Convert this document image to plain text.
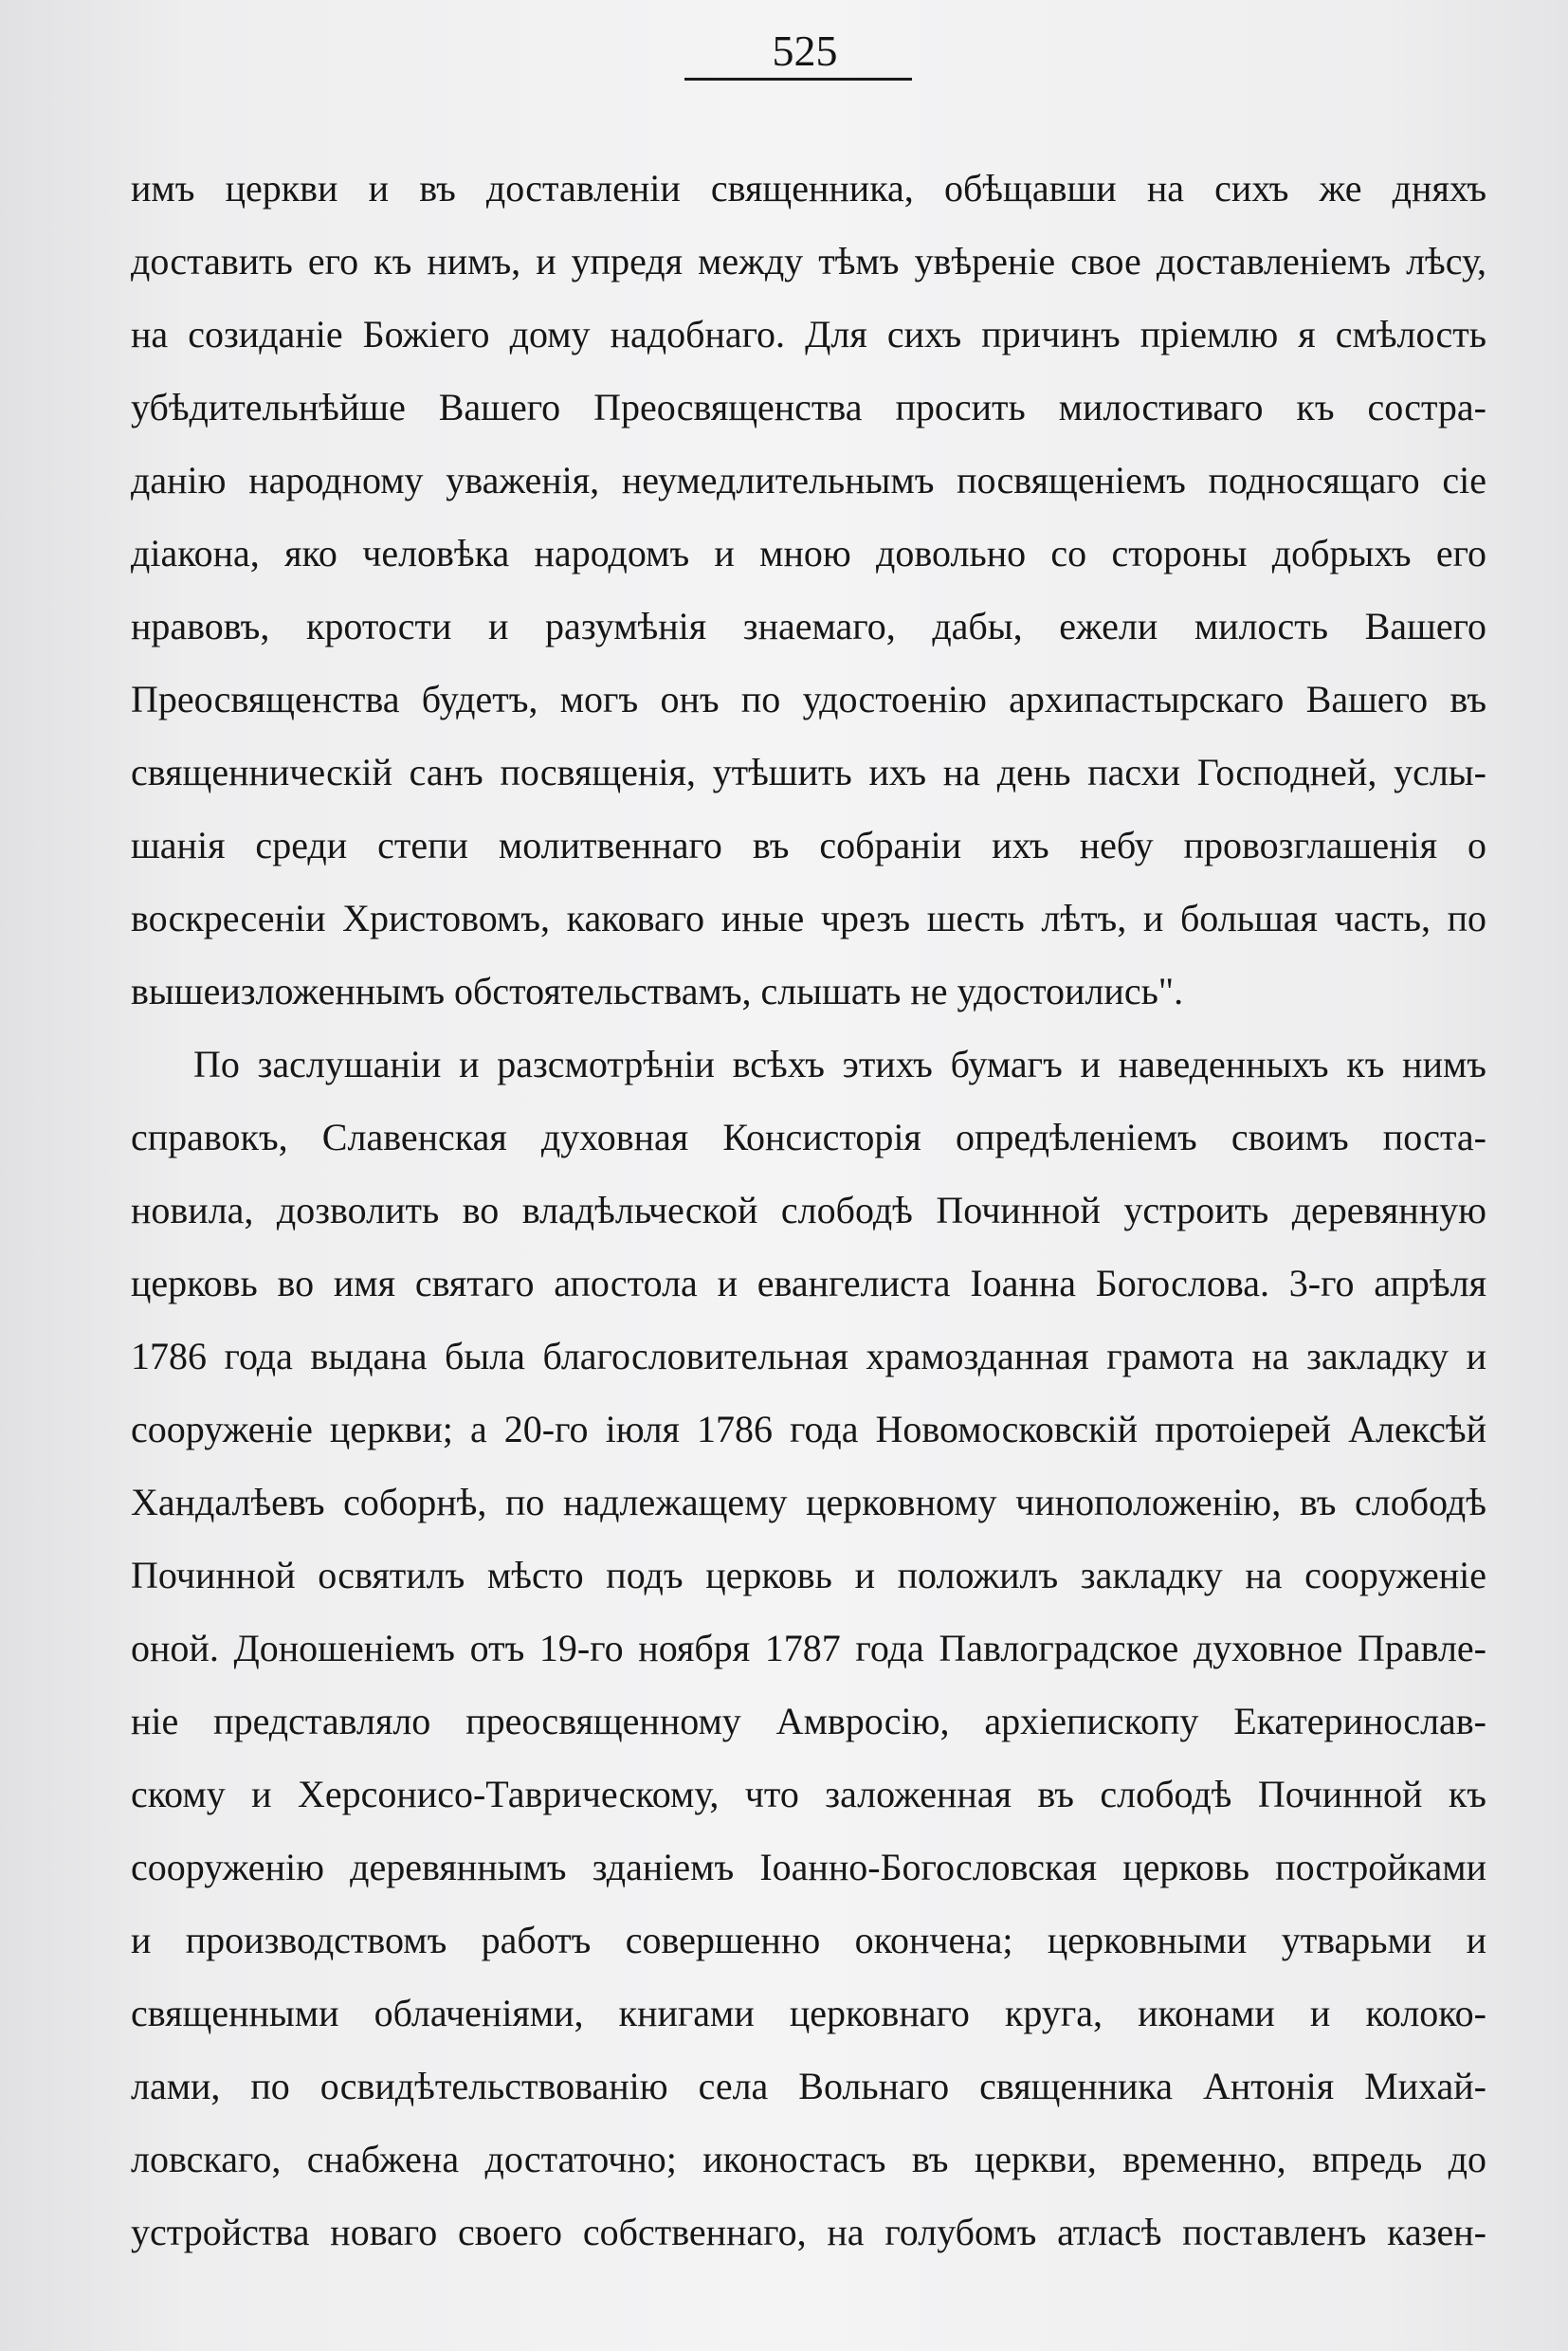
525
имъ церкви и въ доставленіи священника, обѣщавши на сихъ же дняхъ
доставить его къ нимъ, и упредя между тѣмъ увѣреніе свое доставленіемъ лѣсу,
на созиданіе Божіего дому надобнаго. Для сихъ причинъ пріемлю я смѣлость
убѣдительнѣйше Вашего Преосвященства просить милостиваго къ состра-
данію народному уваженія, неумедлительнымъ посвященіемъ подносящаго сіе
діакона, яко человѣка народомъ и мною довольно со стороны добрыхъ его
нравовъ, кротости и разумѣнія знаемаго, дабы, ежели милость Вашего
Преосвященства будетъ, могъ онъ по удостоенію архипастырскаго Вашего въ
священническій санъ посвященія, утѣшить ихъ на день пасхи Господней, услы-
шанія среди степи молитвеннаго въ собраніи ихъ небу провозглашенія о
воскресеніи Христовомъ, каковаго иные чрезъ шесть лѣтъ, и большая часть, по
вышеизложеннымъ обстоятельствамъ, слышать не удостоились".
По заслушаніи и разсмотрѣніи всѣхъ этихъ бумагъ и наведенныхъ къ нимъ
справокъ, Славенская духовная Консисторія опредѣленіемъ своимъ поста-
новила, дозволить во владѣльческой слободѣ Починной устроить деревянную
церковь во имя святаго апостола и евангелиста Іоанна Богослова. 3-го апрѣля
1786 года выдана была благословительная храмозданная грамота на закладку и
сооруженіе церкви; а 20-го іюля 1786 года Новомосковскій протоіерей Алексѣй
Хандалѣевъ соборнѣ, по надлежащему церковному чиноположенію, въ слободѣ
Починной освятилъ мѣсто подъ церковь и положилъ закладку на сооруженіе
оной. Доношеніемъ отъ 19-го ноября 1787 года Павлоградское духовное Правле-
ніе представляло преосвященному Амвросію, архіепископу Екатеринослав-
скому и Херсонисо-Таврическому, что заложенная въ слободѣ Починной къ
сооруженію деревяннымъ зданіемъ Іоанно-Богословская церковь постройками
и производствомъ работъ совершенно окончена; церковными утварьми и
священными облаченіями, книгами церковнаго круга, иконами и колоко-
лами, по освидѣтельствованію села Вольнаго священника Антонія Михай-
ловскаго, снабжена достаточно; иконостасъ въ церкви, временно, впредь до
устройства новаго своего собственнаго, на голубомъ атласѣ поставленъ казен-
